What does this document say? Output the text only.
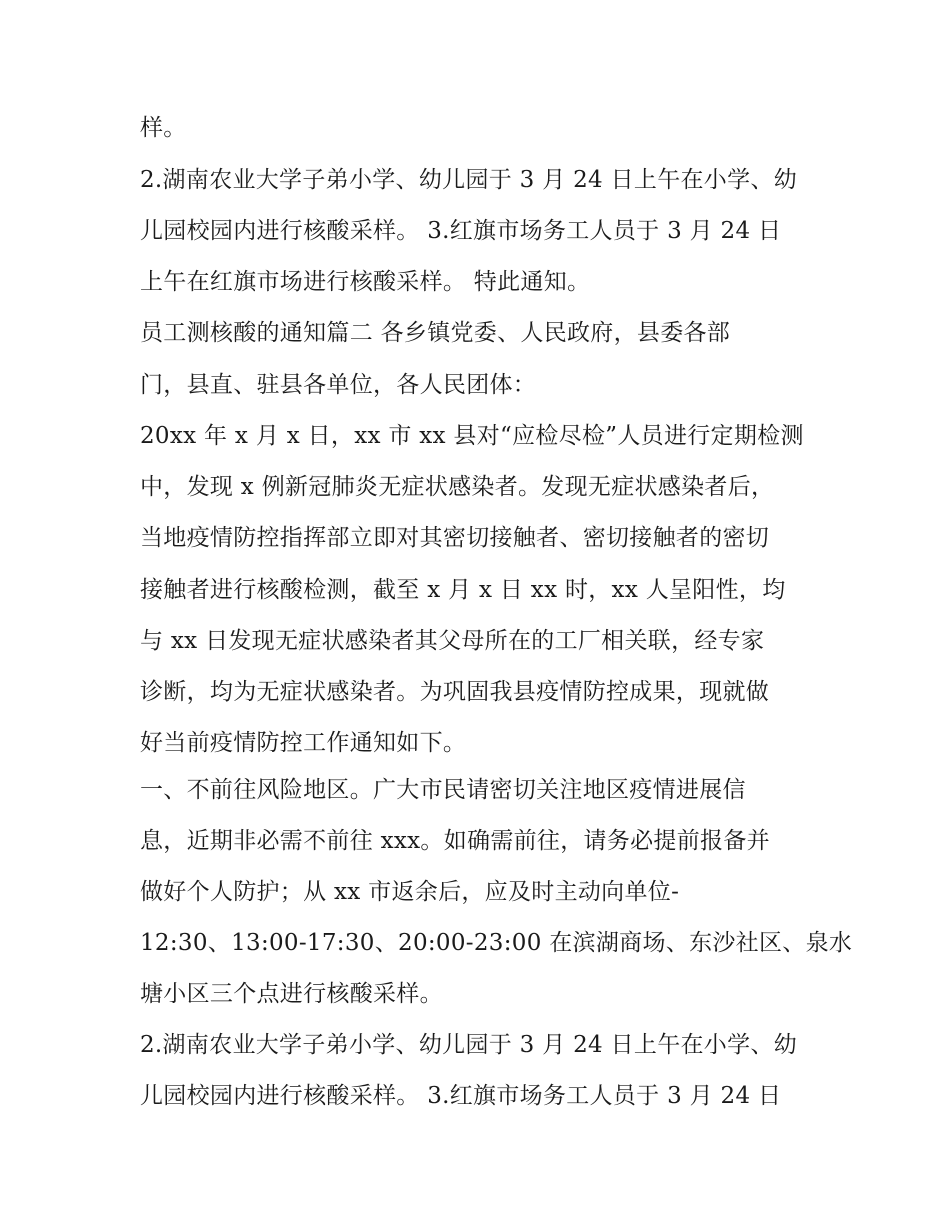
样。
2.湖南农业大学子弟小学、幼儿园于 3 月 24 日上午在小学、幼
儿园校园内进行核酸采样。 3.红旗市场务工人员于 3 月 24 日
上午在红旗市场进行核酸采样。 特此通知。
员工测核酸的通知篇二 各乡镇党委、人民政府，县委各部
门，县直、驻县各单位，各人民团体：
20xx 年 x 月 x 日，xx 市 xx 县对“应检尽检”人员进行定期检测
中，发现 x 例新冠肺炎无症状感染者。发现无症状感染者后，
当地疫情防控指挥部立即对其密切接触者、密切接触者的密切
接触者进行核酸检测，截至 x 月 x 日 xx 时，xx 人呈阳性，均
与 xx 日发现无症状感染者其父母所在的工厂相关联，经专家
诊断，均为无症状感染者。为巩固我县疫情防控成果，现就做
好当前疫情防控工作通知如下。
一、不前往风险地区。广大市民请密切关注地区疫情进展信
息，近期非必需不前往 xxx。如确需前往，请务必提前报备并
做好个人防护；从 xx 市返余后，应及时主动向单位-
12:30、13:00-17:30、20:00-23:00 在滨湖商场、东沙社区、泉水
塘小区三个点进行核酸采样。
2.湖南农业大学子弟小学、幼儿园于 3 月 24 日上午在小学、幼
儿园校园内进行核酸采样。 3.红旗市场务工人员于 3 月 24 日
